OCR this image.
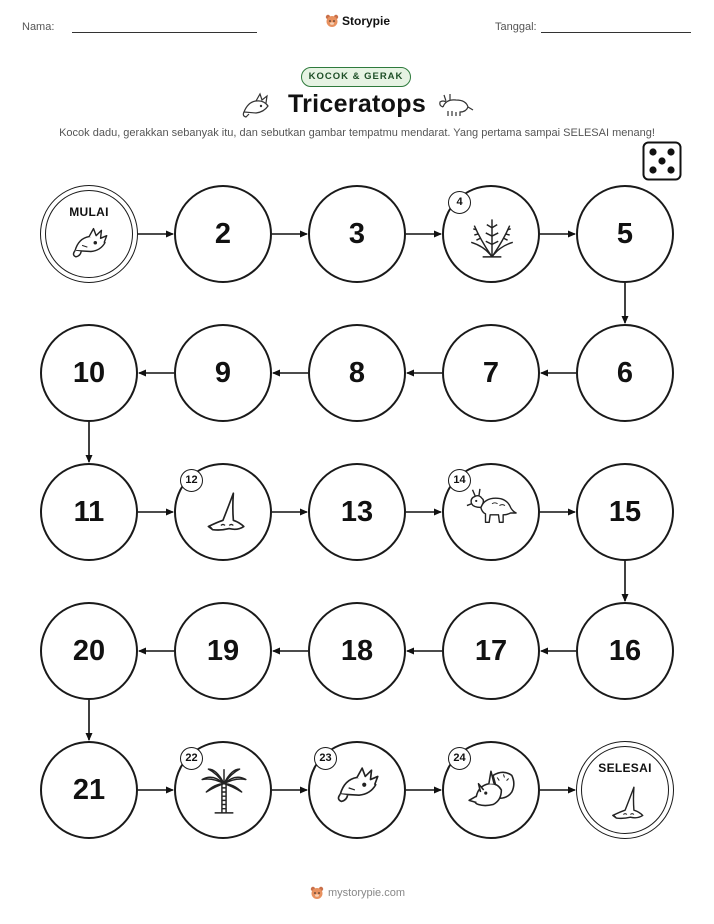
Nama:	Storypie	Tanggal:
KOCOK & GERAK
Triceratops
Kocok dadu, gerakkan sebanyak itu, dan sebutkan gambar tempatmu mendarat. Yang pertama sampai SELESAI menang!
MULAI
2	3
4
5
6
7
8
9
10
11
12
13
14
15
16
17
18
19
20
21
22	23	24
SELESAI
mystorypie.com
